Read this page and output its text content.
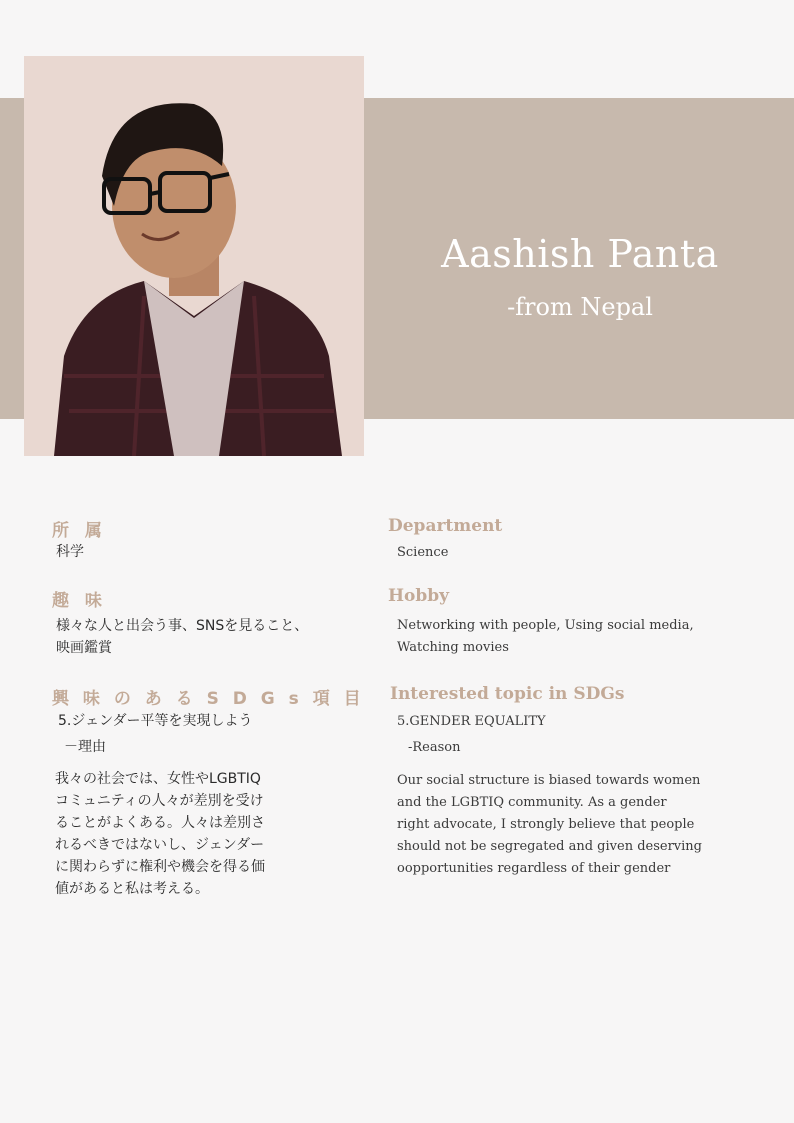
Aashish Panta
-from Nepal
所 属
科学
趣 味
様々な人と出会う事、SNSを見ること、
映画鑑賞
興 味 の あ る S D G s 項 目
5.ジェンダー平等を実現しよう
－理由
我々の社会では、女性やLGBTIQ
コミュニティの人々が差別を受け
ることがよくある。人々は差別さ
れるべきではないし、ジェンダー
に関わらずに権利や機会を得る価
値があると私は考える。
Department
Science
Hobby
Networking with people, Using social media,
Watching movies
Interested topic in SDGs
5.GENDER EQUALITY
-Reason
Our social structure is biased towards women
and the LGBTIQ community. As a gender
right advocate, I strongly believe that people
should not be segregated and given deserving
oopportunities regardless of their gender
